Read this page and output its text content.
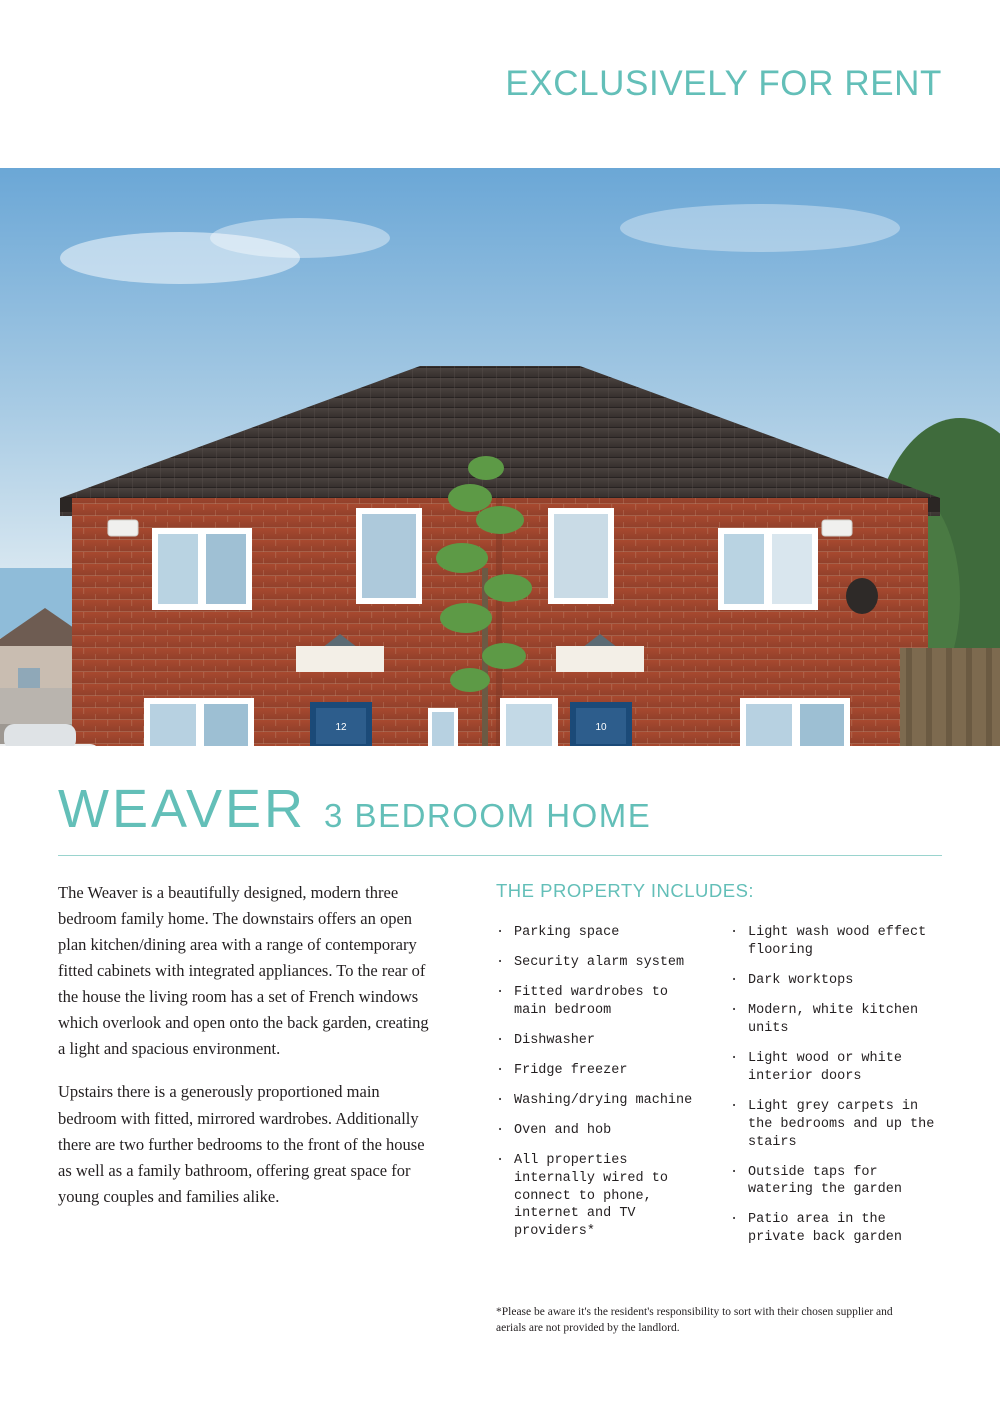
EXCLUSIVELY FOR RENT
12	10
WEAVER 3 BEDROOM HOME

The Weaver is a beautifully designed, modern three bedroom family home. The downstairs offers an open plan kitchen/dining area with a range of contemporary fitted cabinets with integrated appliances. To the rear of the house the living room has a set of French windows which overlook and open onto the back garden, creating a light and spacious environment.

Upstairs there is a generously proportioned main bedroom with fitted, mirrored wardrobes. Additionally there are two further bedrooms to the front of the house as well as a family bathroom, offering great space for young couples and families alike.

THE PROPERTY INCLUDES:
· Parking space
· Security alarm system
· Fitted wardrobes to main bedroom
· Dishwasher
· Fridge freezer
· Washing/drying machine
· Oven and hob
· All properties internally wired to connect to phone, internet and TV providers*
· Light wash wood effect flooring
· Dark worktops
· Modern, white kitchen units
· Light wood or white interior doors
· Light grey carpets in the bedrooms and up the stairs
· Outside taps for watering the garden
· Patio area in the private back garden
*Please be aware it's the resident's responsibility to sort with their chosen supplier and aerials are not provided by the landlord.
